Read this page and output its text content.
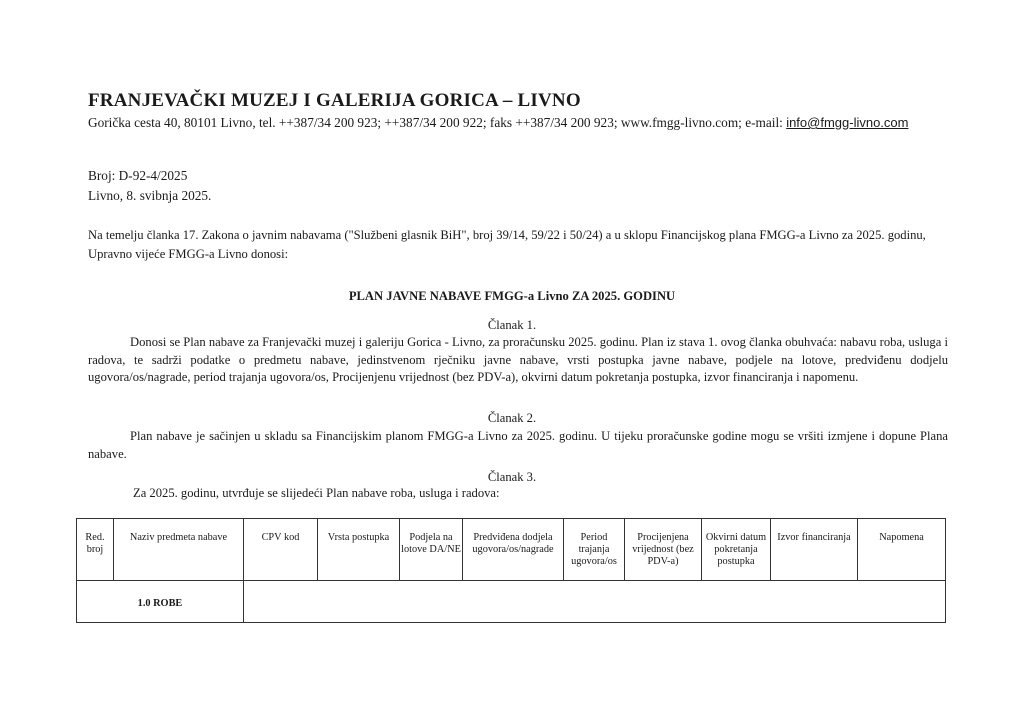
FRANJEVAČKI MUZEJ I GALERIJA GORICA – LIVNO
Gorička cesta 40, 80101 Livno, tel. ++387/34 200 923; ++387/34 200 922; faks ++387/34 200 923; www.fmgg-livno.com; e-mail: info@fmgg-livno.com
Broj: D-92-4/2025
Livno, 8. svibnja 2025.
Na temelju članka 17. Zakona o javnim nabavama ("Službeni glasnik BiH", broj 39/14, 59/22 i 50/24) a u sklopu Financijskog plana FMGG-a Livno za 2025. godinu, Upravno vijeće FMGG-a Livno donosi:
PLAN JAVNE NABAVE FMGG-a Livno ZA 2025. GODINU
Članak 1.
Donosi se Plan nabave za Franjevački muzej i galeriju Gorica - Livno, za proračunsku 2025. godinu. Plan iz stava 1. ovog članka obuhvaća: nabavu roba, usluga i radova, te sadrži podatke o predmetu nabave, jedinstvenom rječniku javne nabave, vrsti postupka javne nabave, podjele na lotove, predviđenu dodjelu ugovora/os/nagrade, period trajanja ugovora/os, Procijenjenu vrijednost (bez PDV-a), okvirni datum pokretanja postupka, izvor financiranja i napomenu.
Članak 2.
Plan nabave je sačinjen u skladu sa Financijskim planom FMGG-a Livno za 2025. godinu. U tijeku proračunske godine mogu se vršiti izmjene i dopune Plana nabave.
Članak 3.
Za 2025. godinu, utvrđuje se slijedeći Plan nabave roba, usluga i radova:
Red. broj	Naziv predmeta nabave	CPV kod	Vrsta postupka	Podjela na lotove DA/NE	Predviđena dodjela ugovora/os/nagrade	Period trajanja ugovora/os	Procijenjena vrijednost (bez PDV-a)	Okvirni datum pokretanja postupka	Izvor financiranja	Napomena
1.0 ROBE										
